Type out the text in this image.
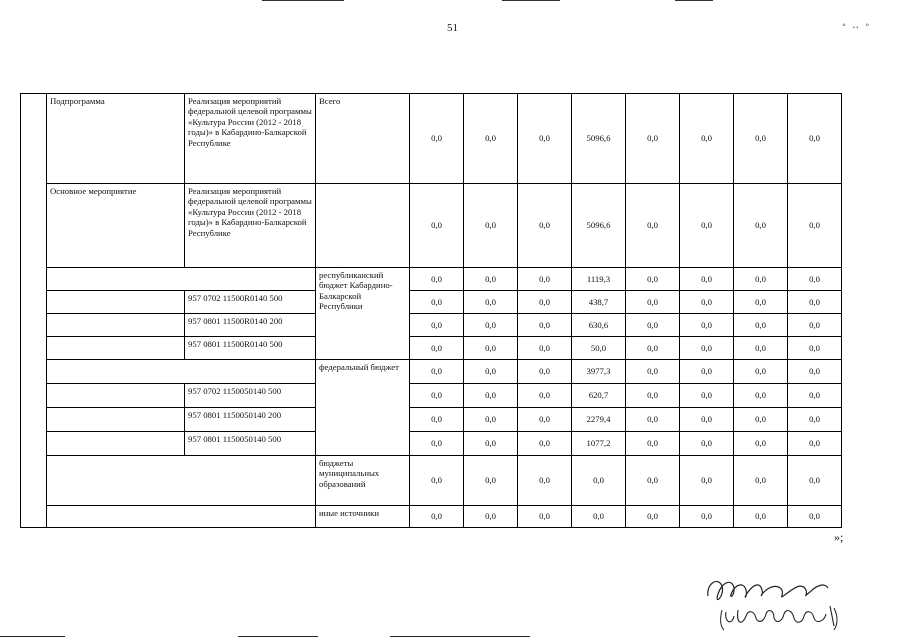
◦ ‥ ◦
51
	Подпрограмма	Реализация мероприятий федеральной целевой программы «Культура России (2012 - 2018 годы)» в Кабардино-Балкарской Республике	Всего	0,0	0,0	0,0	5096,6	0,0	0,0	0,0	0,0
	Основное мероприятие	Реализация мероприятий федеральной целевой программы «Культура России (2012 - 2018 годы)» в Кабардино-Балкарской Республике		0,0	0,0	0,0	5096,6	0,0	0,0	0,0	0,0
			республиканский бюджет Кабардино-Балкарской Республики	0,0	0,0	0,0	1119,3	0,0	0,0	0,0	0,0
		957 0702 11500R0140 500		0,0	0,0	0,0	438,7	0,0	0,0	0,0	0,0
		957 0801 11500R0140 200		0,0	0,0	0,0	630,6	0,0	0,0	0,0	0,0
		957 0801 11500R0140 500		0,0	0,0	0,0	50,0	0,0	0,0	0,0	0,0
			федеральный бюджет	0,0	0,0	0,0	3977,3	0,0	0,0	0,0	0,0
		957 0702 1150050140 500		0,0	0,0	0,0	620,7	0,0	0,0	0,0	0,0
		957 0801 1150050140 200		0,0	0,0	0,0	2279,4	0,0	0,0	0,0	0,0
		957 0801 1150050140 500		0,0	0,0	0,0	1077,2	0,0	0,0	0,0	0,0
			бюджеты муниципальных образований	0,0	0,0	0,0	0,0	0,0	0,0	0,0	0,0
			иные источники	0,0	0,0	0,0	0,0	0,0	0,0	0,0	0,0
»;
